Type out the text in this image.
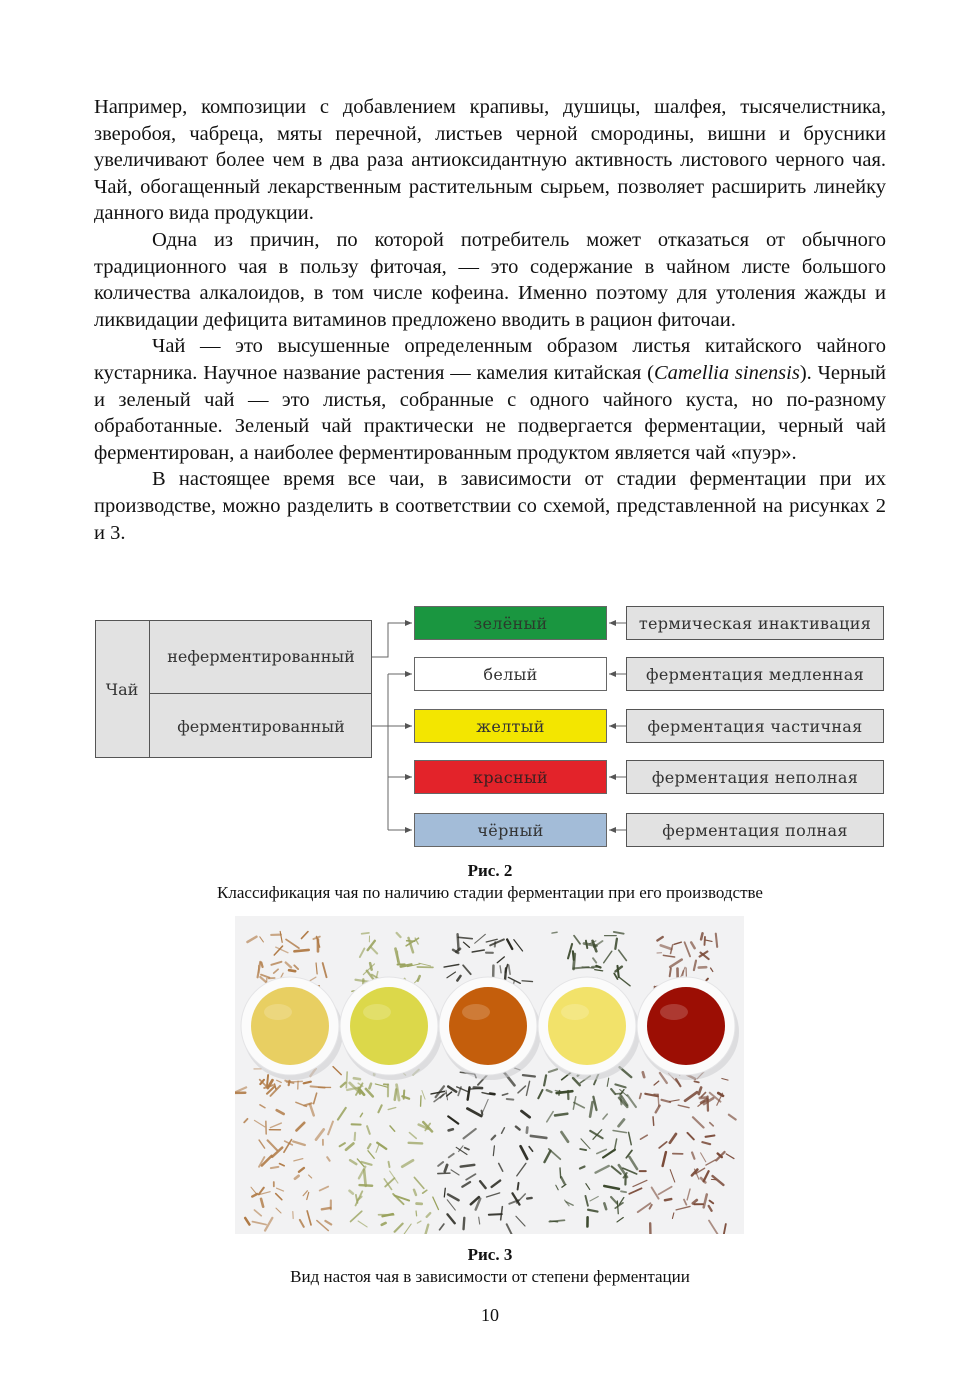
Например, композиции с добавлением крапивы, душицы, шалфея, тысячелистника, зверобоя, чабреца, мяты перечной, листьев черной смородины, вишни и брусники увеличивают более чем в два раза антиоксидантную активность листового черного чая. Чай, обогащенный лекарственным растительным сырьем, позволяет расширить линейку данного вида продукции.

Одна из причин, по которой потребитель может отказаться от обычного традиционного чая в пользу фиточая, — это содержание в чайном листе большого количества алкалоидов, в том числе кофеина. Именно поэтому для утоления жажды и ликвидации дефицита витаминов предложено вводить в рацион фиточаи.

Чай — это высушенные определенным образом листья китайского чайного кустарника. Научное название растения — камелия китайская (Camellia sinensis). Черный и зеленый чай — это листья, собранные с одного чайного куста, но по-разному обработанные. Зеленый чай практически не подвергается ферментации, черный чай ферментирован, а наиболее ферментированным продуктом является чай «пуэр».

В настоящее время все чаи, в зависимости от стадии ферментации при их производстве, можно разделить в соответствии со схемой, представленной на рисунках 2 и 3.

Чай
неферментированный
ферментированный
зелёный
белый
желтый
красный
чёрный
термическая инактивация
ферментация медленная
ферментация частичная
ферментация неполная
ферментация полная
Рис. 2
Классификация чая по наличию стадии ферментации при его производстве
Рис. 3
Вид настоя чая в зависимости от степени ферментации
10
